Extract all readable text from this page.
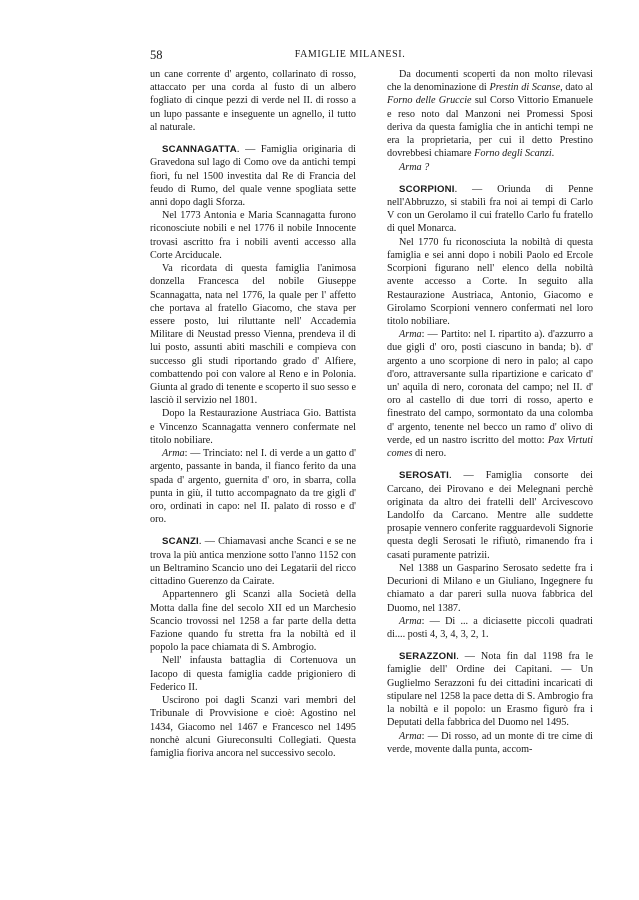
58	FAMIGLIE MILANESI.

un cane corrente d' argento, collarinato di rosso, attaccato per una corda al fusto di un albero fogliato di cinque pezzi di verde nel II. di rosso a un lupo passante e inseguente un agnello, il tutto al naturale.

SCANNAGATTA. — Famiglia originaria di Gravedona sul lago di Como ove da antichi tempi fiorì, fu nel 1500 investita dal Re di Francia del feudo di Rumo, del quale venne spogliata sette anni dopo dagli Sforza.

Nel 1773 Antonia e Maria Scannagatta furono riconosciute nobili e nel 1776 il nobile Innocente trovasi ascritto fra i nobili aventi accesso alla Corte Arciducale.

Va ricordata di questa famiglia l'animosa donzella Francesca del nobile Giuseppe Scannagatta, nata nel 1776, la quale per l' affetto che portava al fratello Giacomo, che stava per essere posto, lui riluttante nell' Accademia Militare di Neustad presso Vienna, prendeva il di lui posto, assunti abiti maschili e compieva con successo gli studi riportando grado d' Alfiere, combattendo poi con valore al Reno e in Polonia. Giunta al grado di tenente e scoperto il suo sesso e lasciò il servizio nel 1801.

Dopo la Restaurazione Austriaca Gio. Battista e Vincenzo Scannagatta vennero confermate nel titolo nobiliare.

Arma: — Trinciato: nel I. di verde a un gatto d' argento, passante in banda, il fianco ferito da una spada d' argento, guernita d' oro, in sbarra, colla punta in giù, il tutto accompagnato da tre gigli d' oro, ordinati in capo: nel II. palato di rosso e d' oro.

SCANZI. — Chiamavasi anche Scanci e se ne trova la più antica menzione sotto l'anno 1152 con un Beltramino Scancio uno dei Legatarii del ricco cittadino Guerenzo da Cairate.

Appartennero gli Scanzi alla Società della Motta dalla fine del secolo XII ed un Marchesio Scancio trovossi nel 1258 a far parte della detta Fazione quando fu stretta fra la nobiltà ed il popolo la pace chiamata di S. Ambrogio.

Nell' infausta battaglia di Cortenuova un Iacopo di questa famiglia cadde prigioniero di Federico II.

Uscirono poi dagli Scanzi vari membri del Tribunale di Provvisione e cioè: Agostino nel 1434, Giacomo nel 1467 e Francesco nel 1495 nonchè alcuni Giureconsulti Collegiati. Questa famiglia fioriva ancora nel successivo secolo.

Da documenti scoperti da non molto rilevasi che la denominazione di Prestin di Scanse, dato al Forno delle Gruccie sul Corso Vittorio Emanuele e reso noto dal Manzoni nei Promessi Sposi deriva da questa famiglia che in antichi tempi ne era la proprietaria, per cui il detto Prestino dovrebbesi chiamare Forno degli Scanzi.

Arma ?

SCORPIONI. — Oriunda di Penne nell'Abbruzzo, si stabilì fra noi ai tempi di Carlo V con un Gerolamo il cui fratello Carlo fu fratello di quel Monarca.

Nel 1770 fu riconosciuta la nobiltà di questa famiglia e sei anni dopo i nobili Paolo ed Ercole Scorpioni figurano nell' elenco della nobiltà avente accesso a Corte. In seguito alla Restaurazione Austriaca, Antonio, Giacomo e Girolamo Scorpioni vennero confermati nel loro titolo nobiliare.

Arma: — Partito: nel I. ripartito a). d'azzurro a due gigli d' oro, posti ciascuno in banda; b). d' argento a uno scorpione di nero in palo; al capo d'oro, attraversante sulla ripartizione e caricato d' un' aquila di nero, coronata del campo; nel II. d' oro al castello di due torri di rosso, aperto e finestrato del campo, sormontato da una colomba d' argento, tenente nel becco un ramo d' olivo di verde, ed un nastro iscritto del motto: Pax Virtuti comes di nero.

SEROSATI. — Famiglia consorte dei Carcano, dei Pirovano e dei Melegnani perchè originata da altro dei fratelli dell' Arcivescovo Landolfo da Carcano. Mentre alle suddette prosapie vennero conferite ragguardevoli Signorie questa degli Serosati le rifiutò, rimanendo fra i casati puramente patrizii.

Nel 1388 un Gasparino Serosato sedette fra i Decurioni di Milano e un Giuliano, Ingegnere fu chiamato a dar pareri sulla nuova fabbrica del Duomo, nel 1387.

Arma: — Di ... a diciasette piccoli quadrati di.... posti 4, 3, 4, 3, 2, 1.

SERAZZONI. — Nota fin dal 1198 fra le famiglie dell' Ordine dei Capitani. — Un Guglielmo Serazzoni fu dei cittadini incaricati di stipulare nel 1258 la pace detta di S. Ambrogio fra la nobiltà e il popolo: un Erasmo figurò fra i Deputati della fabbrica del Duomo nel 1495.

Arma: — Di rosso, ad un monte di tre cime di verde, movente dalla punta, accom-
